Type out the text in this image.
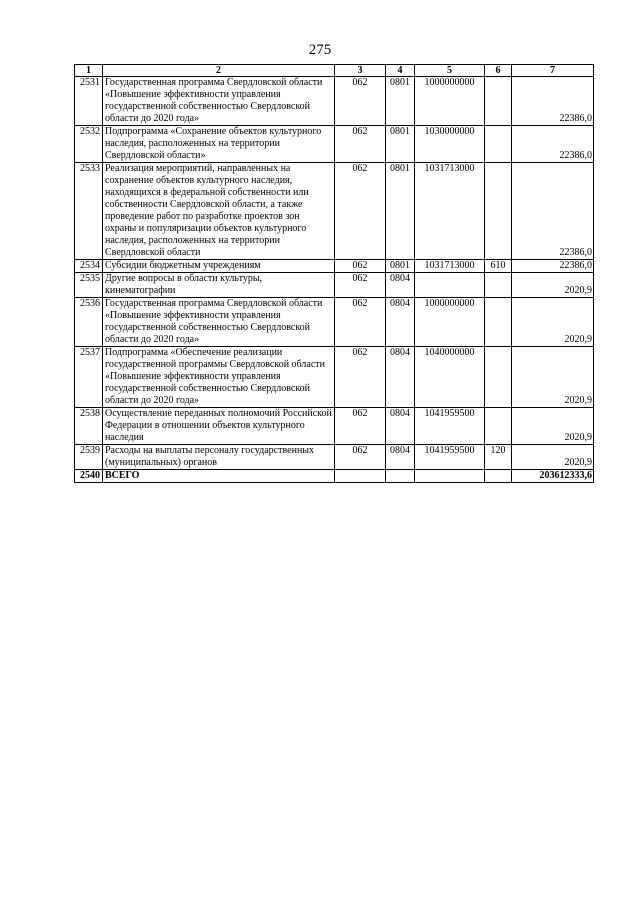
275
1	2	3	4	5	6	7
2531	Государственная программа Свердловской области «Повышение эффективности управления государственной собственностью Свердловской области до 2020 года»	062	0801	1000000000		22386,0
2532	Подпрограмма «Сохранение объектов культурного наследия, расположенных на территории Свердловской области»	062	0801	1030000000		22386,0
2533	Реализация мероприятий, направленных на сохранение объектов культурного наследия, находящихся в федеральной собственности или собственности Свердловской области, а также проведение работ по разработке проектов зон охраны и популяризации объектов культурного наследия, расположенных на территории Свердловской области	062	0801	1031713000		22386,0
2534	Субсидии бюджетным учреждениям	062	0801	1031713000	610	22386,0
2535	Другие вопросы в области культуры, кинематографии	062	0804			2020,9
2536	Государственная программа Свердловской области «Повышение эффективности управления государственной собственностью Свердловской области до 2020 года»	062	0804	1000000000		2020,9
2537	Подпрограмма «Обеспечение реализации государственной программы Свердловской области «Повышение эффективности управления государственной собственностью Свердловской области до 2020 года»	062	0804	1040000000		2020,9
2538	Осуществление переданных полномочий Российской Федерации в отношении объектов культурного наследия	062	0804	1041959500		2020,9
2539	Расходы на выплаты персоналу государственных (муниципальных) органов	062	0804	1041959500	120	2020,9
2540	ВСЕГО					203612333,6
